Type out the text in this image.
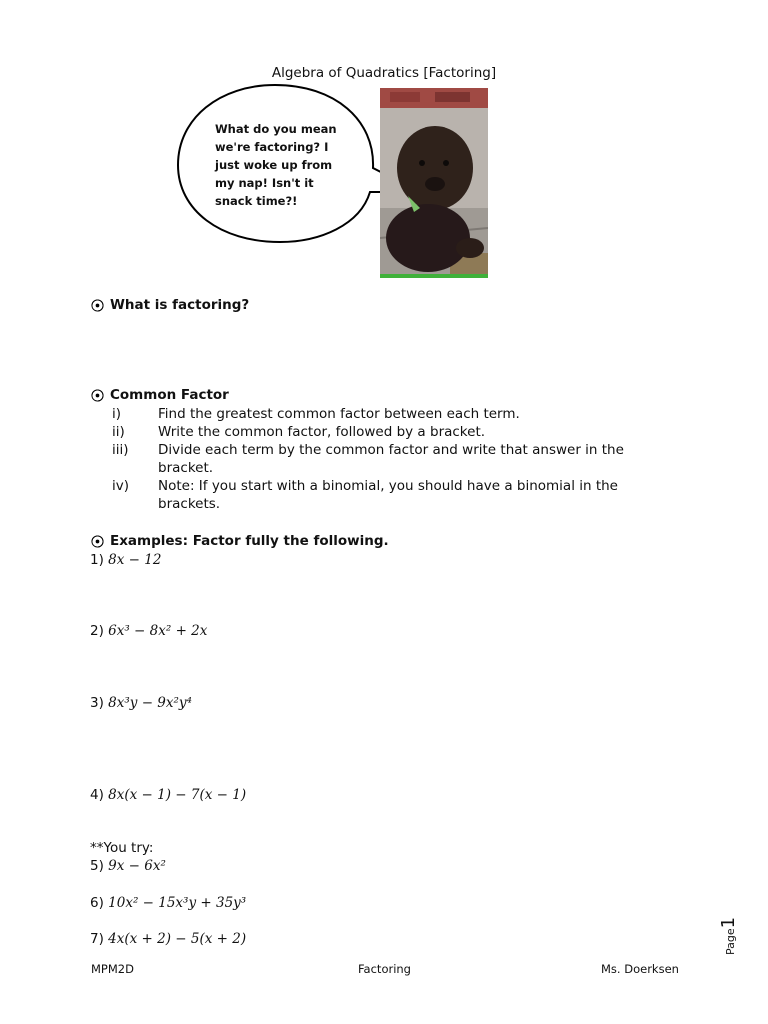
Algebra of Quadratics [Factoring]
What do you mean we're factoring? I just woke up from my nap! Isn't it snack time?!
What is factoring?
Common Factor
i)	Find the greatest common factor between each term.
ii)	Write the common factor, followed by a bracket.
iii)	Divide each term by the common factor and write that answer in the bracket.
iv)	Note: If you start with a binomial, you should have a binomial in the brackets.
Examples: Factor fully the following.
1) 8x − 12
2) 6x³ − 8x² + 2x
3) 8x³y − 9x²y⁴
4) 8x(x − 1) − 7(x − 1)
**You try:
5) 9x − 6x²
6) 10x² − 15x³y + 35y³
7) 4x(x + 2) − 5(x + 2)	Page1
MPM2D	Factoring	Ms. Doerksen
